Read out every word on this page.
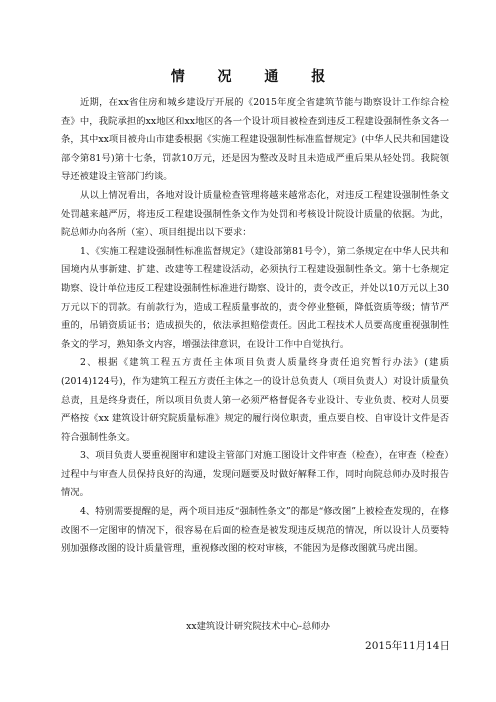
情 况 通 报

近期，在xx省住房和城乡建设厅开展的《2015年度全省建筑节能与勘察设计工作综合检查》中，我院承担的xx地区和xx地区的各一个设计项目被检查到违反工程建设强制性条文各一条，其中xx项目被舟山市建委根据《实施工程建设强制性标准监督规定》(中华人民共和国建设部令第81号)第十七条，罚款10万元，还是因为整改及时且未造成严重后果从轻处罚。我院领导还被建设主管部门约谈。

从以上情况看出，各地对设计质量检查管理将越来越常态化，对违反工程建设强制性条文处罚越来越严厉，将违反工程建设强制性条文作为处罚和考核设计院设计质量的依据。为此，院总师办向各所（室）、项目组提出以下要求：

1、《实施工程建设强制性标准监督规定》（建设部第81号令），第二条规定在中华人民共和国境内从事新建、扩建、改建等工程建设活动，必须执行工程建设强制性条文。第十七条规定勘察、设计单位违反工程建设强制性标准进行勘察、设计的，责令改正，并处以10万元以上30万元以下的罚款。有前款行为，造成工程质量事故的，责令停业整顿，降低资质等级；情节严重的，吊销资质证书；造成损失的，依法承担赔偿责任。因此工程技术人员要高度重视强制性条文的学习，熟知条文内容，增强法律意识，在设计工作中自觉执行。

2、根据《建筑工程五方责任主体项目负责人质量终身责任追究暂行办法》(建质(2014)124号)，作为建筑工程五方责任主体之一的设计总负责人（项目负责人）对设计质量负总责，且是终身责任，所以项目负责人第一必须严格督促各专业设计、专业负责、校对人员要严格按《xx 建筑设计研究院质量标准》规定的履行岗位职责，重点要自校、自审设计文件是否符合强制性条文。

3、项目负责人要重视图审和建设主管部门对施工图设计文件审查（检查），在审查（检查）过程中与审查人员保持良好的沟通，发现问题要及时做好解释工作，同时向院总师办及时报告情况。

4、特别需要提醒的是，两个项目违反“强制性条文”的都是“修改图”上被检查发现的，在修改图不一定图审的情况下，很容易在后面的检查是被发现违反规范的情况，所以设计人员要特别加强修改图的设计质量管理，重视修改图的校对审核，不能因为是修改图就马虎出图。

xx建筑设计研究院技术中心-总师办
2015年11月14日
